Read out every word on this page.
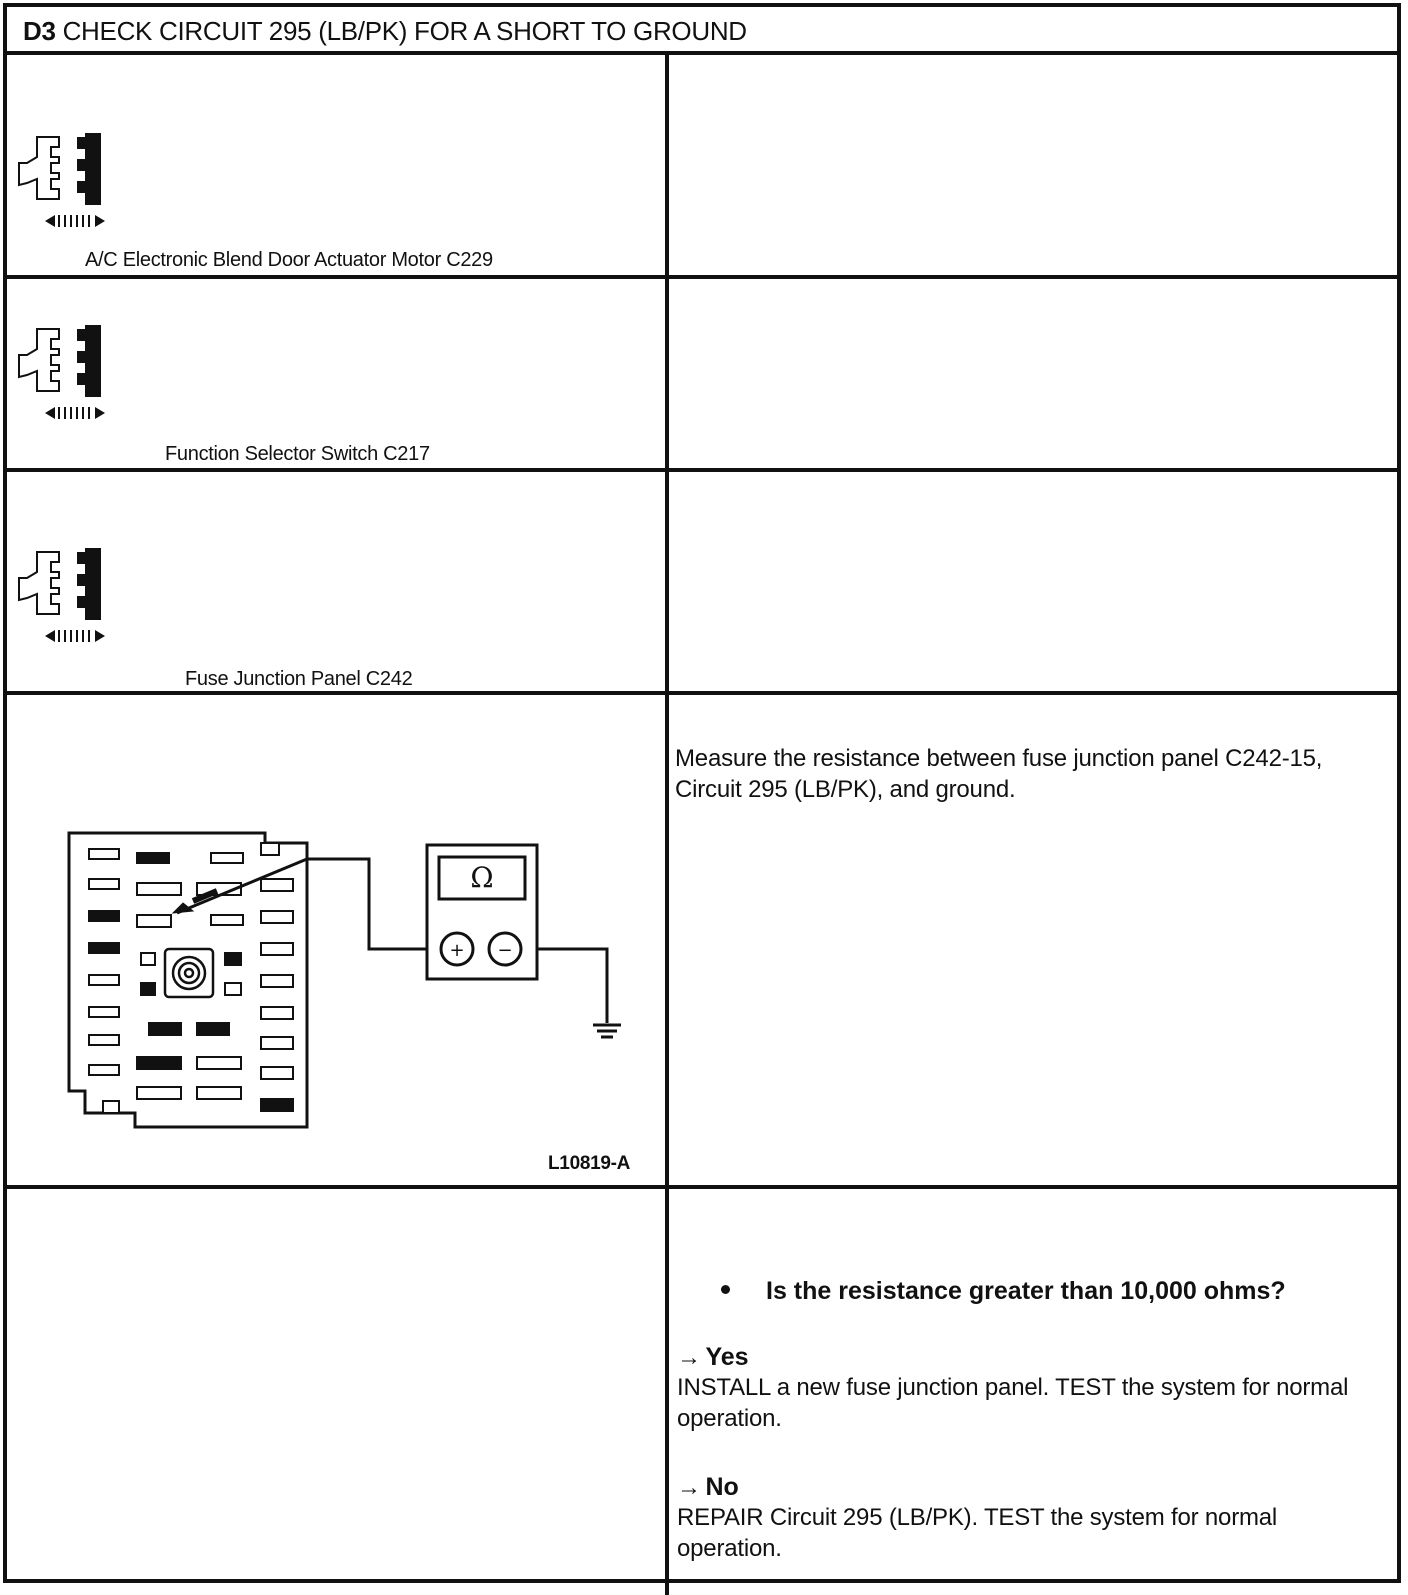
D3 CHECK CIRCUIT 295 (LB/PK) FOR A SHORT TO GROUND
A/C Electronic Blend Door Actuator Motor C229
Function Selector Switch C217
Fuse Junction Panel C242
Ω
+ −
L10819-A
Measure the resistance between fuse junction panel C242-15, Circuit 295 (LB/PK), and ground.
Is the resistance greater than 10,000 ohms?
→ Yes
INSTALL a new fuse junction panel. TEST the system for normal operation.
→ No
REPAIR Circuit 295 (LB/PK). TEST the system for normal operation.
